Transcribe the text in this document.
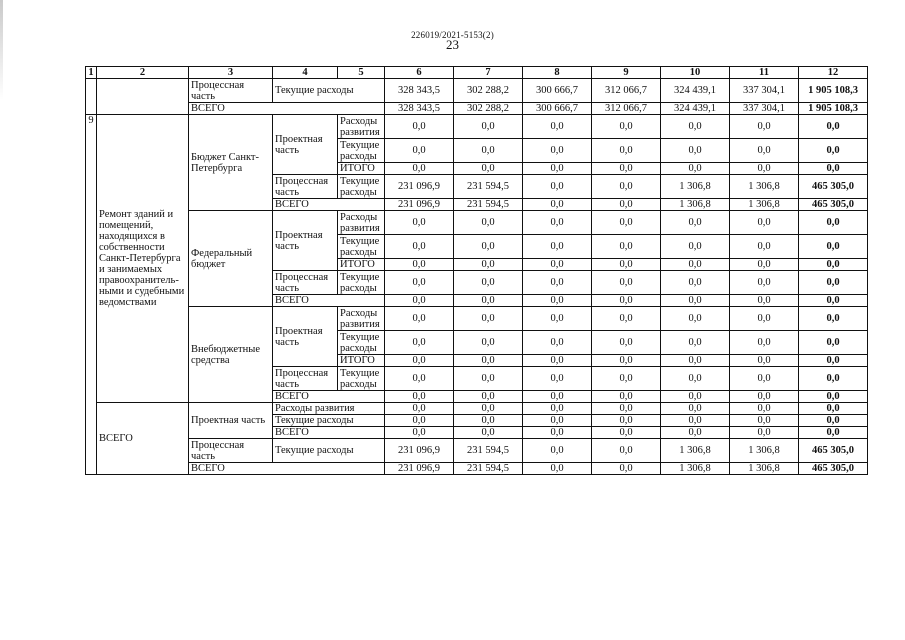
226019/2021-5153(2)
23
1	2	3	4	5	6	7	8	9	10	11	12
		Процессная часть	Текущие расходы		328 343,5	302 288,2	300 666,7	312 066,7	324 439,1	337 304,1	1 905 108,3
		ВСЕГО			328 343,5	302 288,2	300 666,7	312 066,7	324 439,1	337 304,1	1 905 108,3
9	Ремонт зданий и помещений, находящихся в собственности Санкт-Петербурга и занимаемых правоохранитель-ными и судебными ведомствами	Бюджет Санкт-Петербурга	Проектная часть	Расходы развития	0,0	0,0	0,0	0,0	0,0	0,0	0,0
				Текущие расходы	0,0	0,0	0,0	0,0	0,0	0,0	0,0
				ИТОГО	0,0	0,0	0,0	0,0	0,0	0,0	0,0
			Процессная часть	Текущие расходы	231 096,9	231 594,5	0,0	0,0	1 306,8	1 306,8	465 305,0
			ВСЕГО		231 096,9	231 594,5	0,0	0,0	1 306,8	1 306,8	465 305,0
		Федеральный бюджет	Проектная часть	Расходы развития	0,0	0,0	0,0	0,0	0,0	0,0	0,0
				Текущие расходы	0,0	0,0	0,0	0,0	0,0	0,0	0,0
				ИТОГО	0,0	0,0	0,0	0,0	0,0	0,0	0,0
			Процессная часть	Текущие расходы	0,0	0,0	0,0	0,0	0,0	0,0	0,0
			ВСЕГО		0,0	0,0	0,0	0,0	0,0	0,0	0,0
		Внебюджетные средства	Проектная часть	Расходы развития	0,0	0,0	0,0	0,0	0,0	0,0	0,0
				Текущие расходы	0,0	0,0	0,0	0,0	0,0	0,0	0,0
				ИТОГО	0,0	0,0	0,0	0,0	0,0	0,0	0,0
			Процессная часть	Текущие расходы	0,0	0,0	0,0	0,0	0,0	0,0	0,0
			ВСЕГО		0,0	0,0	0,0	0,0	0,0	0,0	0,0
	ВСЕГО	Проектная часть	Расходы развития		0,0	0,0	0,0	0,0	0,0	0,0	0,0
			Текущие расходы		0,0	0,0	0,0	0,0	0,0	0,0	0,0
			ВСЕГО		0,0	0,0	0,0	0,0	0,0	0,0	0,0
		Процессная часть	Текущие расходы		231 096,9	231 594,5	0,0	0,0	1 306,8	1 306,8	465 305,0
		ВСЕГО			231 096,9	231 594,5	0,0	0,0	1 306,8	1 306,8	465 305,0
